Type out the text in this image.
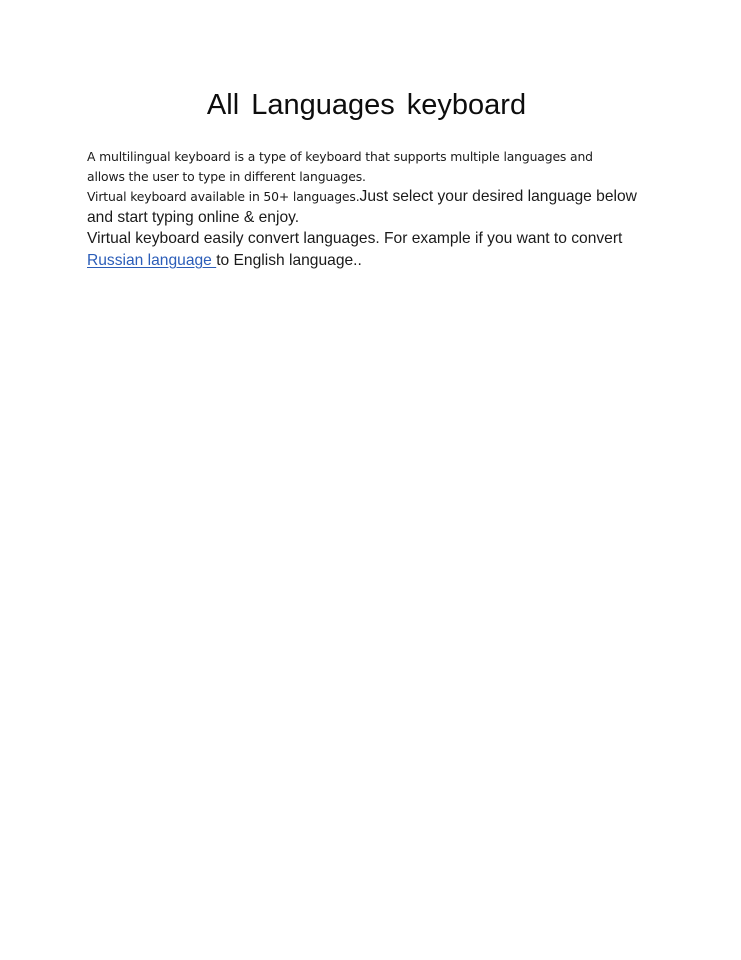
All Languages keyboard

A multilingual keyboard is a type of keyboard that supports multiple languages and

allows the user to type in different languages.

Virtual keyboard available in 50+ languages.Just select your desired language below

and start typing online & enjoy.

Virtual keyboard easily convert languages. For example if you want to convert

Russian language to English language..
